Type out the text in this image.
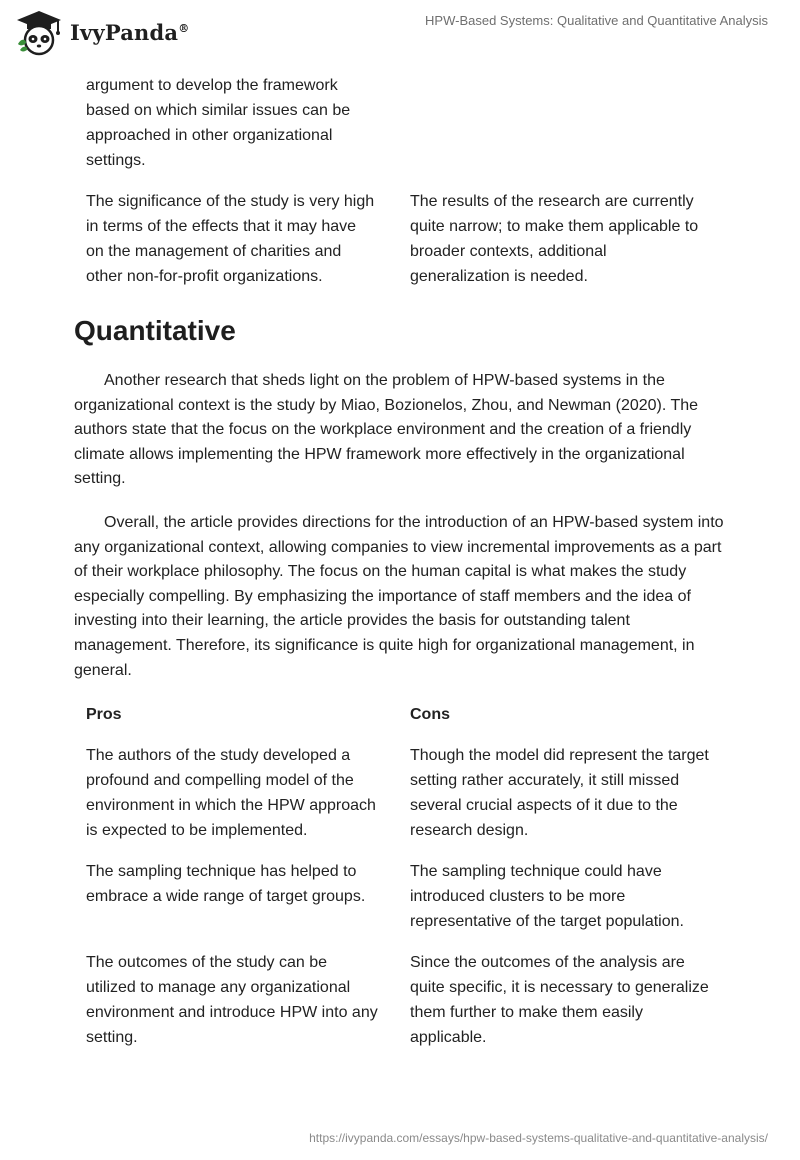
IvyPanda®	HPW-Based Systems: Qualitative and Quantitative Analysis
argument to develop the framework based on which similar issues can be approached in other organizational settings.
The significance of the study is very high in terms of the effects that it may have on the management of charities and other non-for-profit organizations.
The results of the research are currently quite narrow; to make them applicable to broader contexts, additional generalization is needed.
Quantitative

Another research that sheds light on the problem of HPW-based systems in the organizational context is the study by Miao, Bozionelos, Zhou, and Newman (2020). The authors state that the focus on the workplace environment and the creation of a friendly climate allows implementing the HPW framework more effectively in the organizational setting.

Overall, the article provides directions for the introduction of an HPW-based system into any organizational context, allowing companies to view incremental improvements as a part of their workplace philosophy. The focus on the human capital is what makes the study especially compelling. By emphasizing the importance of staff members and the idea of investing into their learning, the article provides the basis for outstanding talent management. Therefore, its significance is quite high for organizational management, in general.

Pros	Cons
The authors of the study developed a profound and compelling model of the environment in which the HPW approach is expected to be implemented.
Though the model did represent the target setting rather accurately, it still missed several crucial aspects of it due to the research design.
The sampling technique has helped to embrace a wide range of target groups.
The sampling technique could have introduced clusters to be more representative of the target population.
The outcomes of the study can be utilized to manage any organizational environment and introduce HPW into any setting.
Since the outcomes of the analysis are quite specific, it is necessary to generalize them further to make them easily applicable.
https://ivypanda.com/essays/hpw-based-systems-qualitative-and-quantitative-analysis/
